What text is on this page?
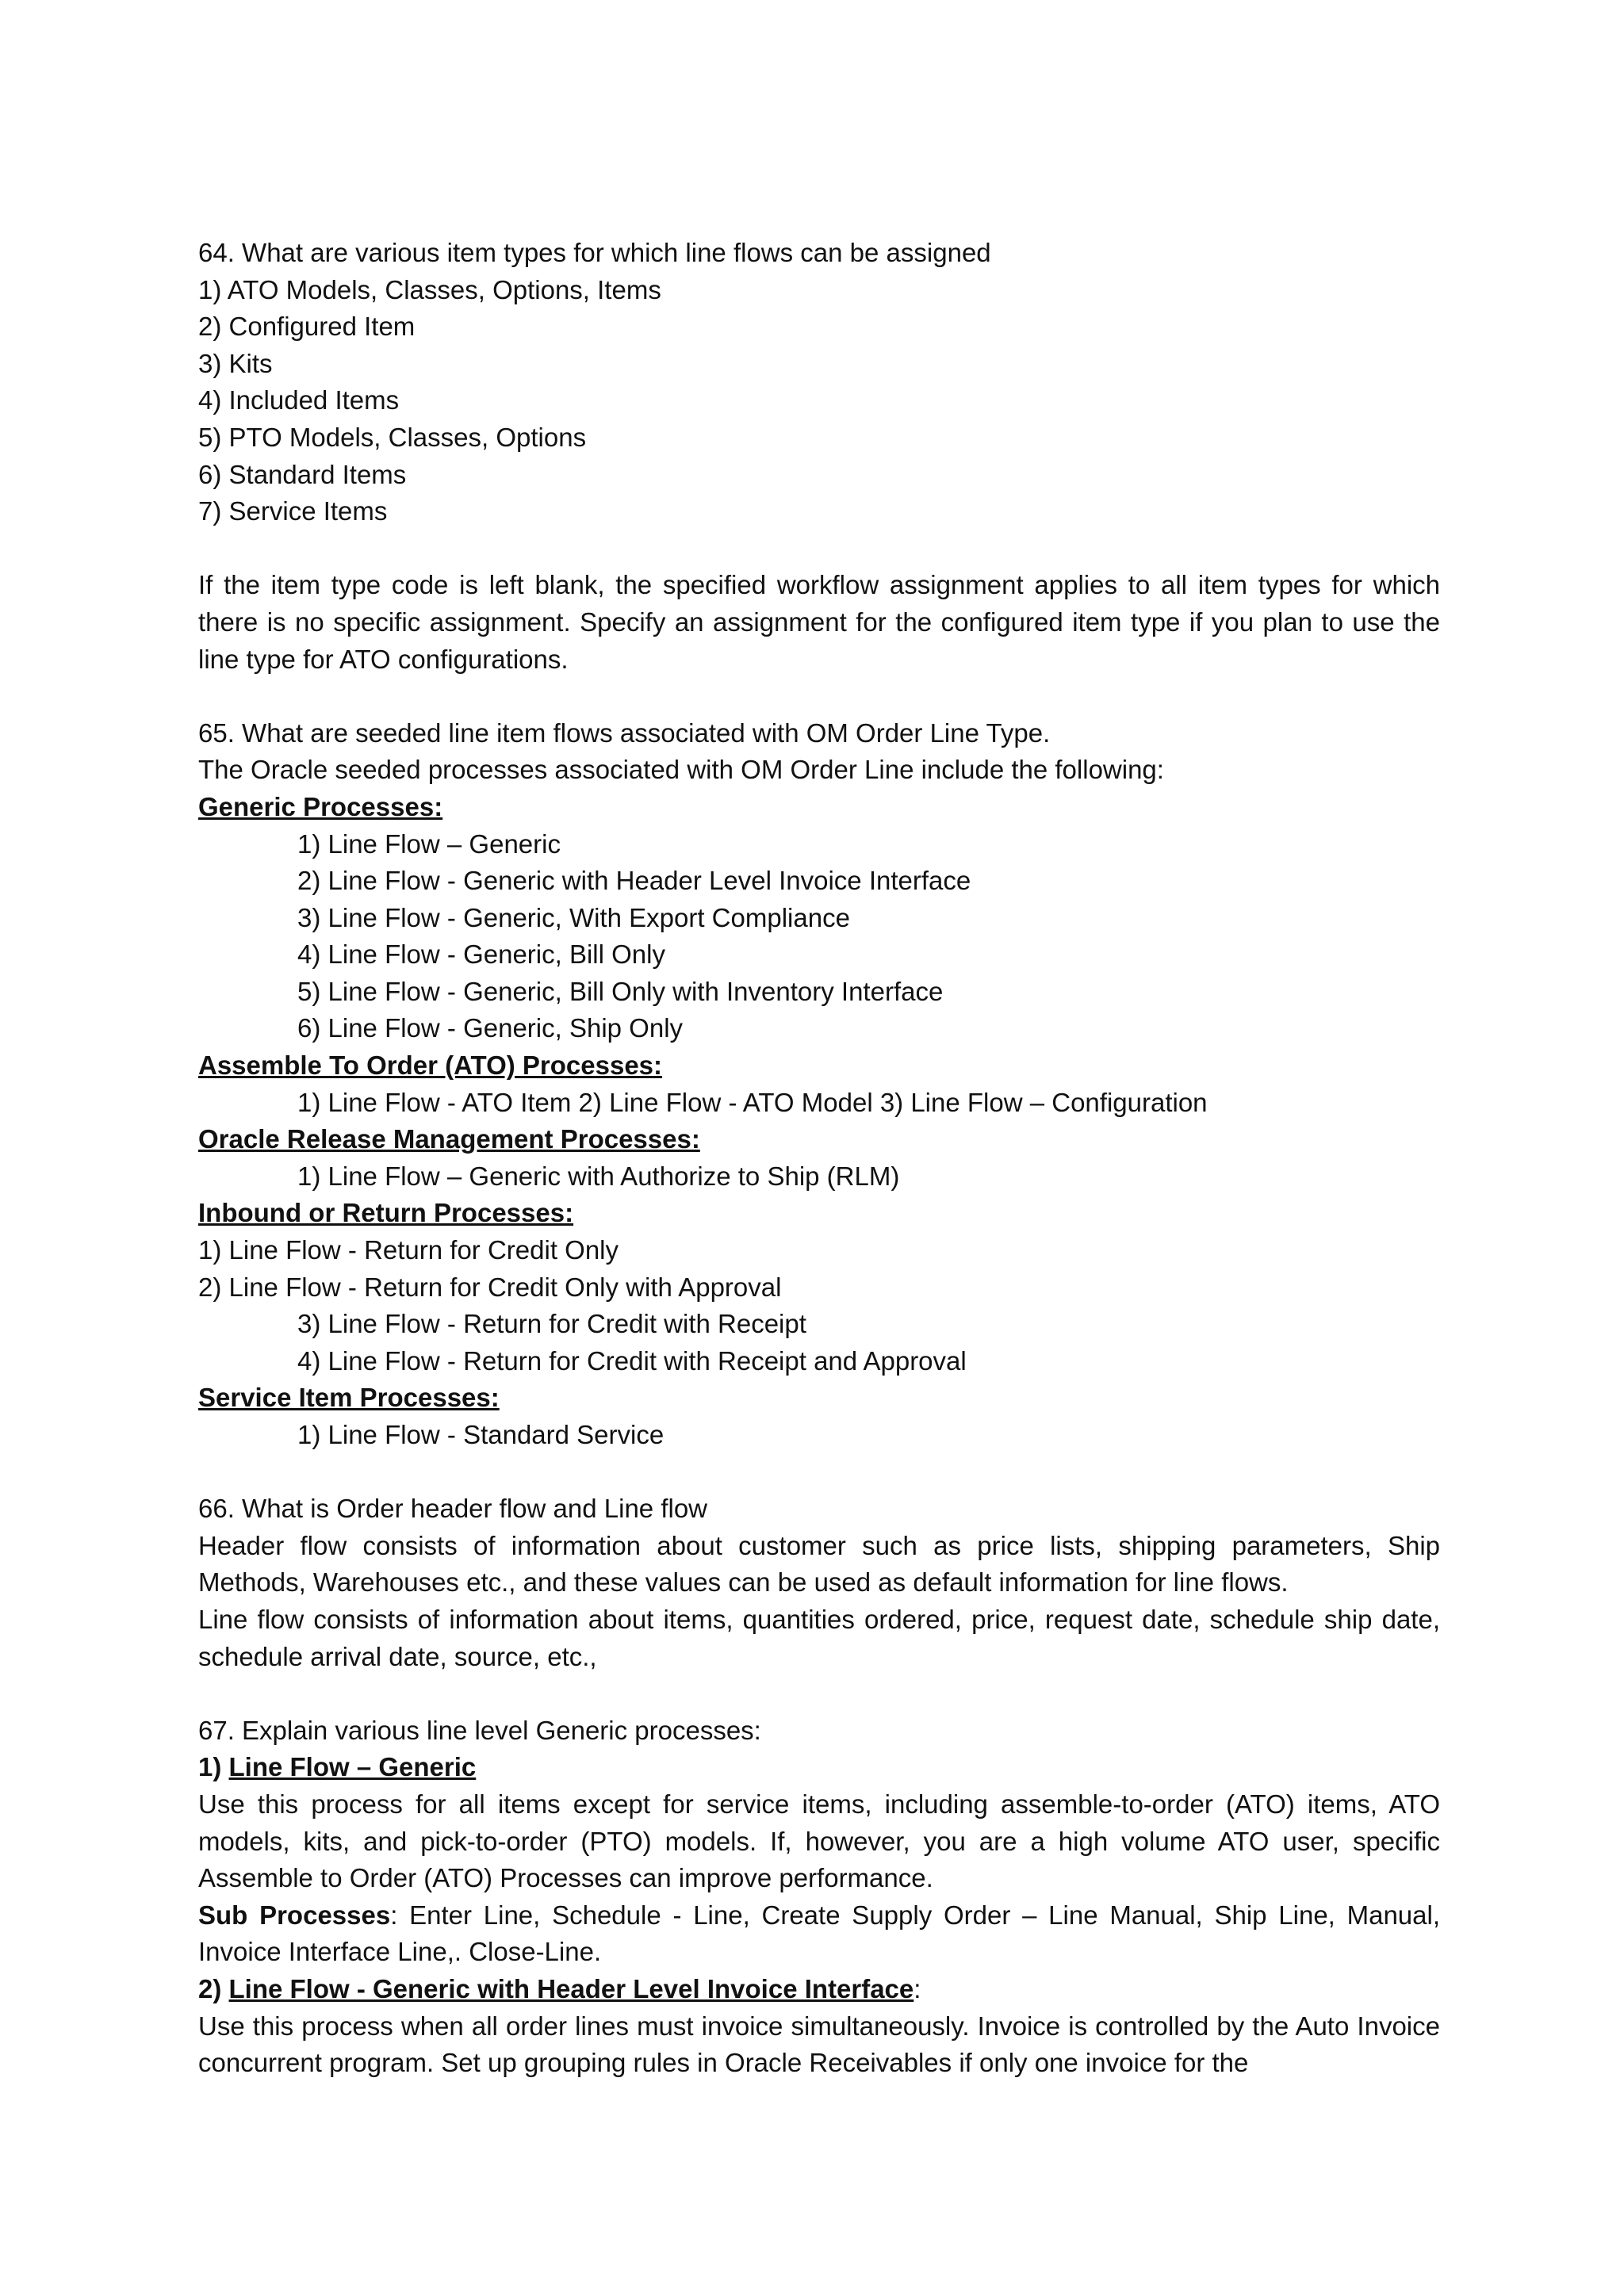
64. What are various item types for which line flows can be assigned
1) ATO Models, Classes, Options, Items
2) Configured Item
3) Kits
4) Included Items
5) PTO Models, Classes, Options
6) Standard Items
7) Service Items
If the item type code is left blank, the specified workflow assignment applies to all item types for which there is no specific assignment. Specify an assignment for the configured item type if you plan to use the line type for ATO configurations.
65. What are seeded line item flows associated with OM Order Line Type.
The Oracle seeded processes associated with OM Order Line include the following:
Generic Processes:
1) Line Flow – Generic
2) Line Flow - Generic with Header Level Invoice Interface
3) Line Flow - Generic, With Export Compliance
4) Line Flow - Generic, Bill Only
5) Line Flow - Generic, Bill Only with Inventory Interface
6) Line Flow - Generic, Ship Only
Assemble To Order (ATO) Processes:
1) Line Flow - ATO Item 2) Line Flow - ATO Model 3) Line Flow – Configuration
Oracle Release Management Processes:
1) Line Flow – Generic with Authorize to Ship (RLM)
Inbound or Return Processes:
1) Line Flow - Return for Credit Only
2) Line Flow - Return for Credit Only with Approval
3) Line Flow - Return for Credit with Receipt
4) Line Flow - Return for Credit with Receipt and Approval
Service Item Processes:
1) Line Flow - Standard Service
66. What is Order header flow and Line flow
Header flow consists of information about customer such as price lists, shipping parameters, Ship Methods, Warehouses etc., and these values can be used as default information for line flows.
Line flow consists of information about items, quantities ordered, price, request date, schedule ship date, schedule arrival date, source, etc.,
67. Explain various line level Generic processes:
1) Line Flow – Generic
Use this process for all items except for service items, including assemble-to-order (ATO) items, ATO models, kits, and pick-to-order (PTO) models. If, however, you are a high volume ATO user, specific Assemble to Order (ATO) Processes can improve performance.
Sub Processes: Enter Line, Schedule - Line, Create Supply Order – Line Manual, Ship Line, Manual, Invoice Interface Line,. Close-Line.
2) Line Flow - Generic with Header Level Invoice Interface:
Use this process when all order lines must invoice simultaneously. Invoice is controlled by the Auto Invoice concurrent program. Set up grouping rules in Oracle Receivables if only one invoice for the
